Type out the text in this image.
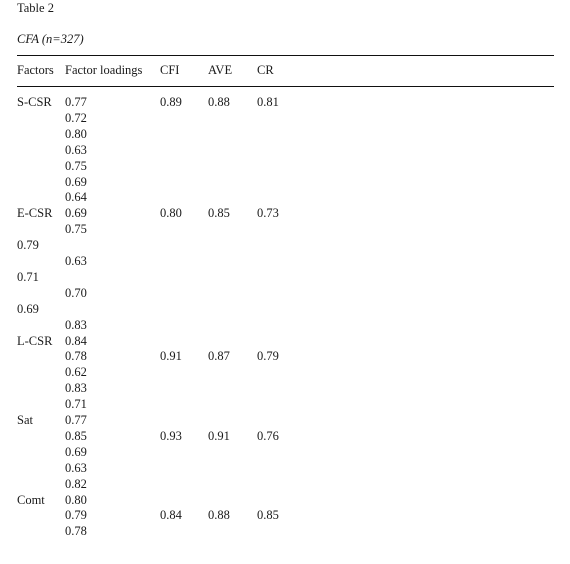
Table 2
CFA (n=327)
Factors Factor loadings CFI AVE CR
S-CSR 0.77	0.89 0.88 0.81
0.72
0.80
0.63
0.75
0.69
0.64
E-CSR 0.69	0.80 0.85 0.73
0.75
0.79
0.63
0.71
0.70
0.69
0.83
L-CSR 0.84
0.78	0.91 0.87 0.79
0.62
0.83
0.71
Sat	0.77
0.85	0.93 0.91 0.76
0.69
0.63
0.82
Comt 0.80
0.79	0.84 0.88 0.85
0.78
